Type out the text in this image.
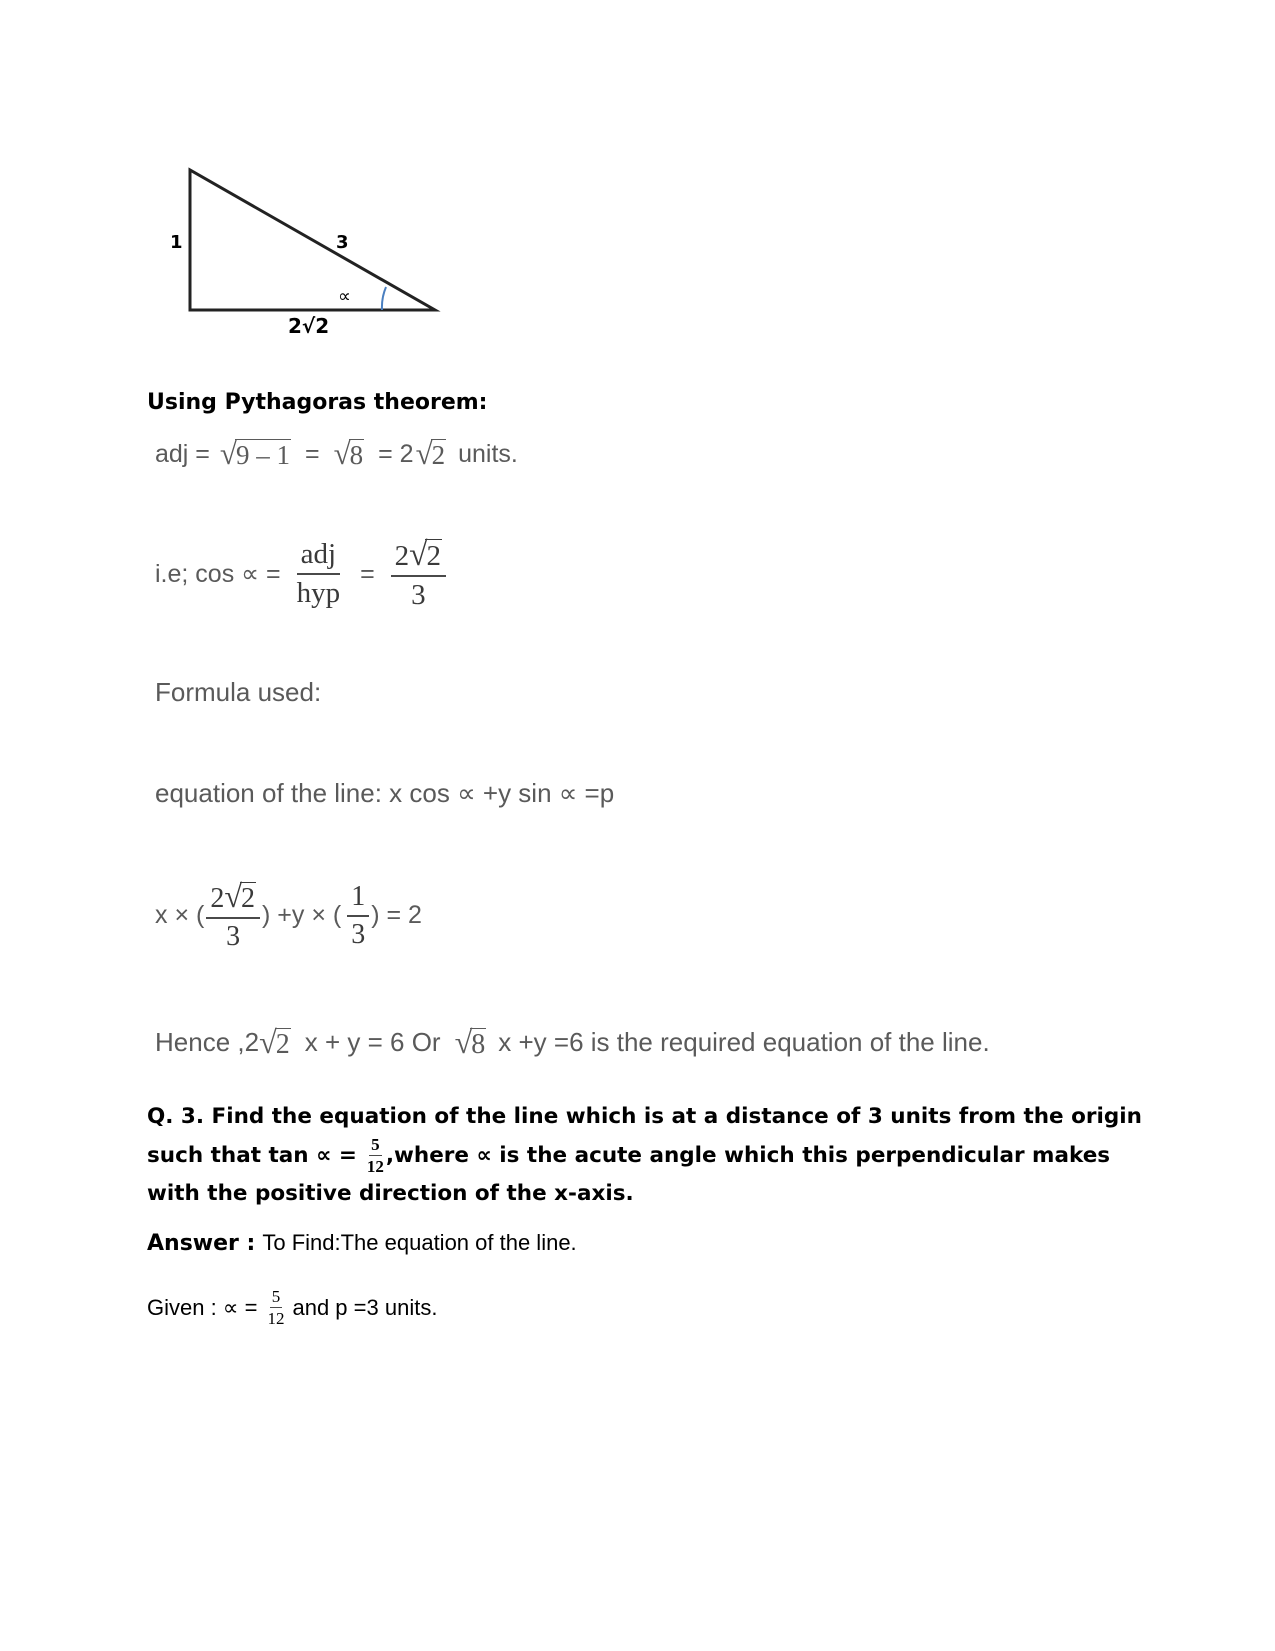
1	3
∝
2√2
Using Pythagoras theorem:
adj = √9 – 1 = √8 = 2 √2 units.
i.e; cos ∝ = $\frac{\text{adj}}{\text{hyp}} = \frac{2√2}{3}$
Formula used:
equation of the line: x cos ∝ +y sin ∝ =p
x × ( $\frac{2√2}{3}$ ) +y × ( $\frac{1}{3}$ ) = 2
Hence ,2 √2 x + y = 6 Or √8 x +y =6 is the required equation of the line.
Q. 3. Find the equation of the line which is at a distance of 3 units from the origin
such that tan ∝ = $\frac{5}{12}$ ,where ∝ is the acute angle which this perpendicular makes
with the positive direction of the x-axis.
Answer : To Find:The equation of the line.
Given : ∝ = $\frac{5}{12}$ and p =3 units.
